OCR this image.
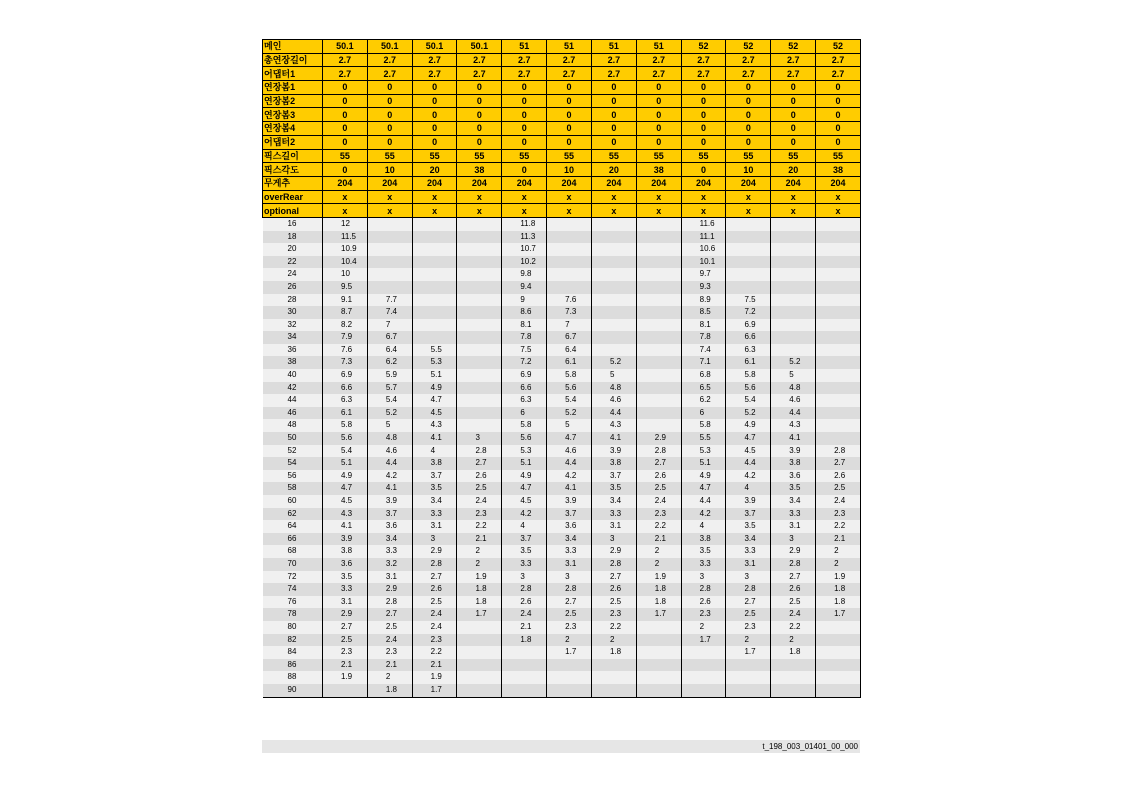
메인	50.1	50.1	50.1	50.1	51	51	51	51	52	52	52	52
총연장길이	2.7	2.7	2.7	2.7	2.7	2.7	2.7	2.7	2.7	2.7	2.7	2.7
어댑터1	2.7	2.7	2.7	2.7	2.7	2.7	2.7	2.7	2.7	2.7	2.7	2.7
연장봄1	0	0	0	0	0	0	0	0	0	0	0	0
연장봄2	0	0	0	0	0	0	0	0	0	0	0	0
연장봄3	0	0	0	0	0	0	0	0	0	0	0	0
연장봄4	0	0	0	0	0	0	0	0	0	0	0	0
어댑터2	0	0	0	0	0	0	0	0	0	0	0	0
픽스길이	55	55	55	55	55	55	55	55	55	55	55	55
픽스각도	0	10	20	38	0	10	20	38	0	10	20	38
무게추	204	204	204	204	204	204	204	204	204	204	204	204
overRear	x	x	x	x	x	x	x	x	x	x	x	x
optional	x	x	x	x	x	x	x	x	x	x	x	x
16	12				11.8				11.6			
18	11.5				11.3				11.1			
20	10.9				10.7				10.6			
22	10.4				10.2				10.1			
24	10				9.8				9.7			
26	9.5				9.4				9.3			
28	9.1	7.7			9	7.6			8.9	7.5		
30	8.7	7.4			8.6	7.3			8.5	7.2		
32	8.2	7			8.1	7			8.1	6.9		
34	7.9	6.7			7.8	6.7			7.8	6.6		
36	7.6	6.4	5.5		7.5	6.4			7.4	6.3		
38	7.3	6.2	5.3		7.2	6.1	5.2		7.1	6.1	5.2	
40	6.9	5.9	5.1		6.9	5.8	5		6.8	5.8	5	
42	6.6	5.7	4.9		6.6	5.6	4.8		6.5	5.6	4.8	
44	6.3	5.4	4.7		6.3	5.4	4.6		6.2	5.4	4.6	
46	6.1	5.2	4.5		6	5.2	4.4		6	5.2	4.4	
48	5.8	5	4.3		5.8	5	4.3		5.8	4.9	4.3	
50	5.6	4.8	4.1	3	5.6	4.7	4.1	2.9	5.5	4.7	4.1	
52	5.4	4.6	4	2.8	5.3	4.6	3.9	2.8	5.3	4.5	3.9	2.8
54	5.1	4.4	3.8	2.7	5.1	4.4	3.8	2.7	5.1	4.4	3.8	2.7
56	4.9	4.2	3.7	2.6	4.9	4.2	3.7	2.6	4.9	4.2	3.6	2.6
58	4.7	4.1	3.5	2.5	4.7	4.1	3.5	2.5	4.7	4	3.5	2.5
60	4.5	3.9	3.4	2.4	4.5	3.9	3.4	2.4	4.4	3.9	3.4	2.4
62	4.3	3.7	3.3	2.3	4.2	3.7	3.3	2.3	4.2	3.7	3.3	2.3
64	4.1	3.6	3.1	2.2	4	3.6	3.1	2.2	4	3.5	3.1	2.2
66	3.9	3.4	3	2.1	3.7	3.4	3	2.1	3.8	3.4	3	2.1
68	3.8	3.3	2.9	2	3.5	3.3	2.9	2	3.5	3.3	2.9	2
70	3.6	3.2	2.8	2	3.3	3.1	2.8	2	3.3	3.1	2.8	2
72	3.5	3.1	2.7	1.9	3	3	2.7	1.9	3	3	2.7	1.9
74	3.3	2.9	2.6	1.8	2.8	2.8	2.6	1.8	2.8	2.8	2.6	1.8
76	3.1	2.8	2.5	1.8	2.6	2.7	2.5	1.8	2.6	2.7	2.5	1.8
78	2.9	2.7	2.4	1.7	2.4	2.5	2.3	1.7	2.3	2.5	2.4	1.7
80	2.7	2.5	2.4		2.1	2.3	2.2		2	2.3	2.2	
82	2.5	2.4	2.3		1.8	2	2		1.7	2	2	
84	2.3	2.3	2.2			1.7	1.8			1.7	1.8	
86	2.1	2.1	2.1									
88	1.9	2	1.9									
90		1.8	1.7									
t_198_003_01401_00_000
